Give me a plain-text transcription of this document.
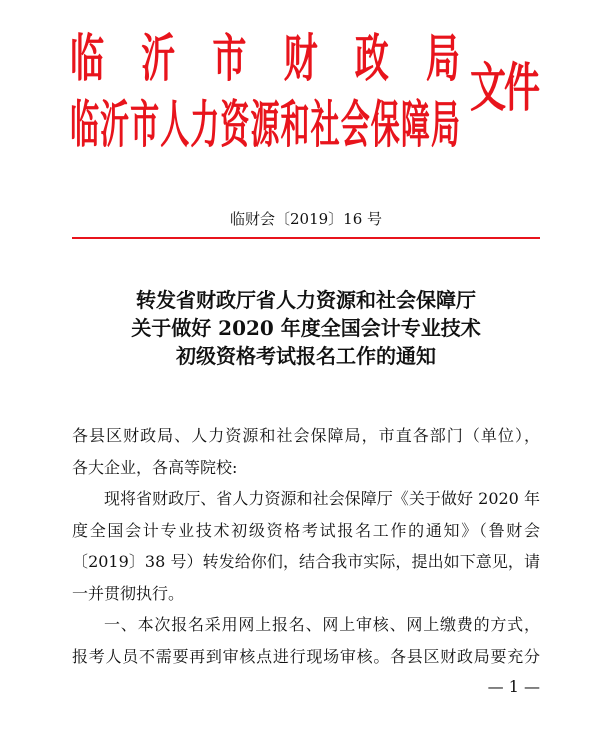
临 沂 市 财 政 局
临 沂 市 人 力 资 源 和 社 会 保 障 局
文件
临财会〔2019〕16 号
转发省财政厅省人力资源和社会保障厅
关于做好 2020 年度全国会计专业技术
初级资格考试报名工作的通知
各县区财政局、人力资源和社会保障局，市直各部门（单位），
各大企业，各高等院校:
现将省财政厅、省人力资源和社会保障厅《关于做好 2020 年
度全国会计专业技术初级资格考试报名工作的通知》（鲁财会
〔2019〕38 号）转发给你们，结合我市实际，提出如下意见，请
一并贯彻执行。
一、本次报名采用网上报名、网上审核、网上缴费的方式，
报考人员不需要再到审核点进行现场审核。各县区财政局要充分
— 1 —
